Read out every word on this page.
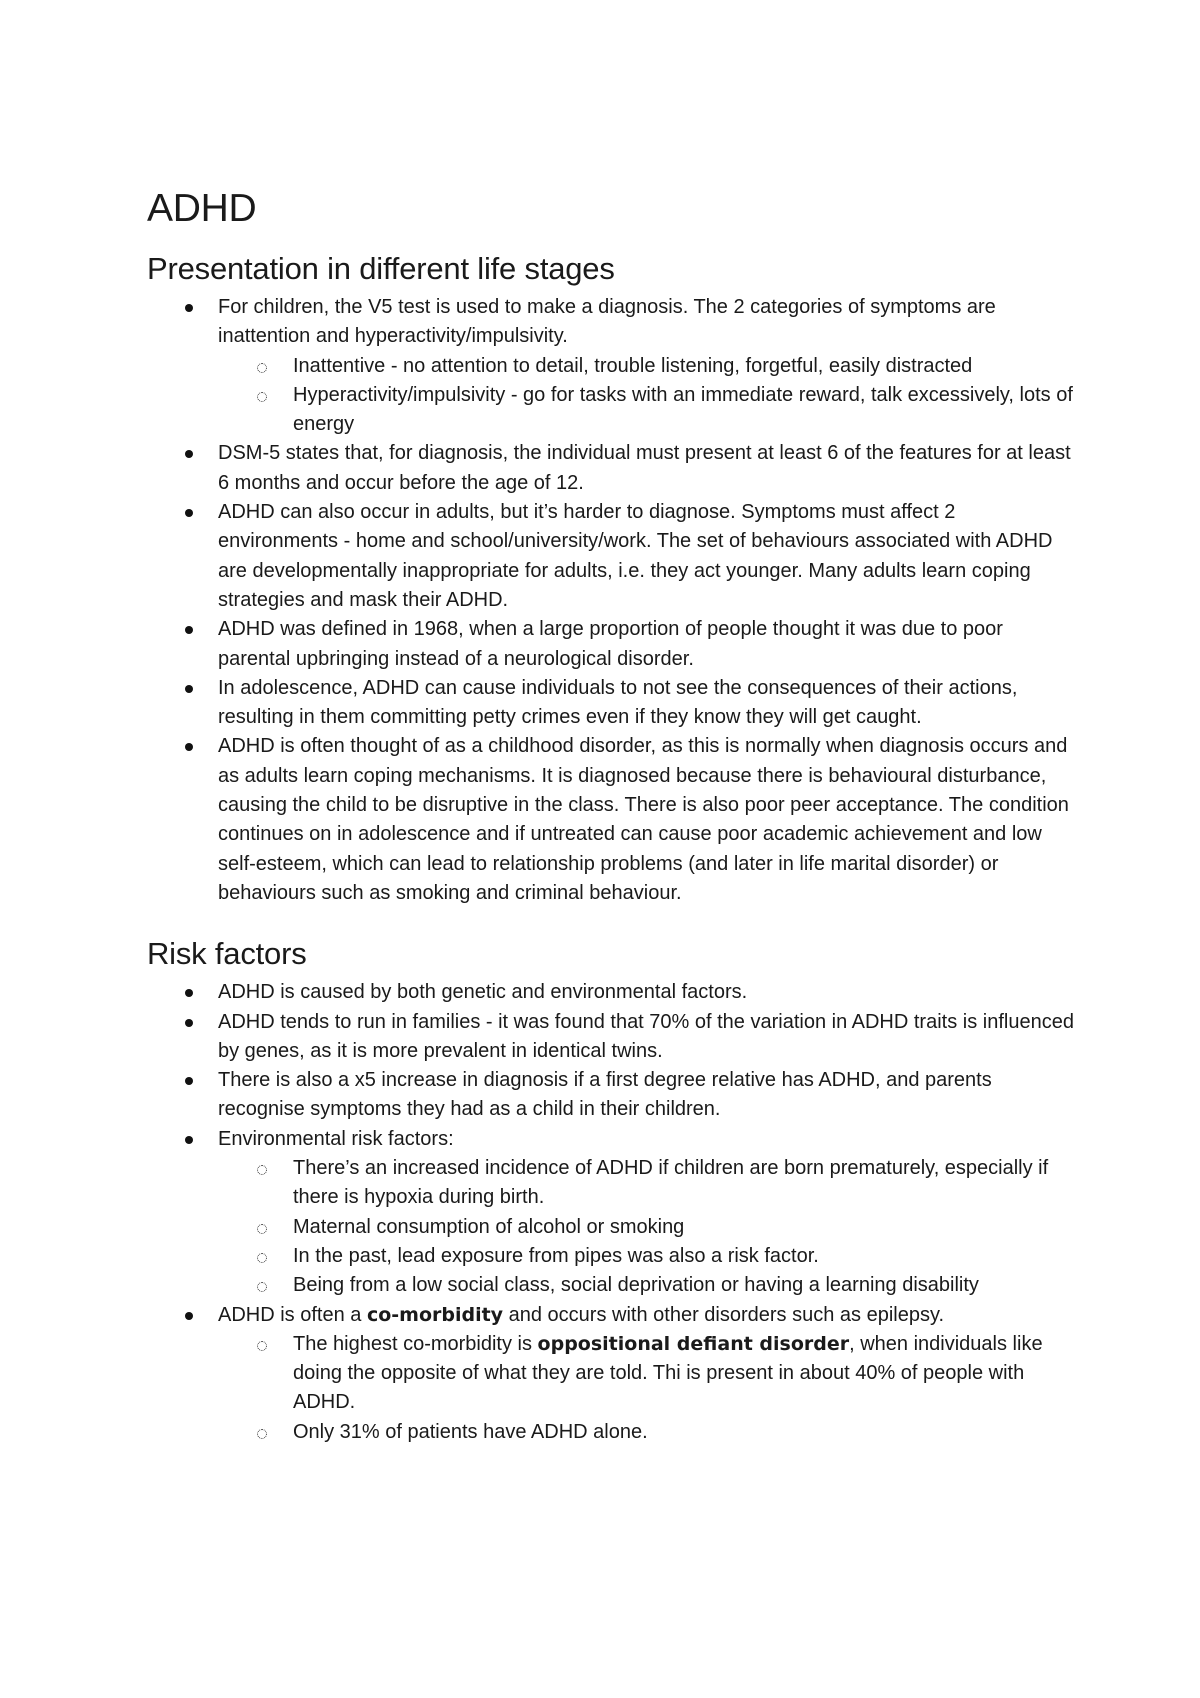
ADHD
Presentation in different life stages
For children, the V5 test is used to make a diagnosis. The 2 categories of symptoms are inattention and hyperactivity/impulsivity.
Inattentive - no attention to detail, trouble listening, forgetful, easily distracted
Hyperactivity/impulsivity - go for tasks with an immediate reward, talk excessively, lots of energy
DSM-5 states that, for diagnosis, the individual must present at least 6 of the features for at least 6 months and occur before the age of 12.
ADHD can also occur in adults, but it’s harder to diagnose. Symptoms must affect 2 environments - home and school/university/work. The set of behaviours associated with ADHD are developmentally inappropriate for adults, i.e. they act younger. Many adults learn coping strategies and mask their ADHD.
ADHD was defined in 1968, when a large proportion of people thought it was due to poor parental upbringing instead of a neurological disorder.
In adolescence, ADHD can cause individuals to not see the consequences of their actions, resulting in them committing petty crimes even if they know they will get caught.
ADHD is often thought of as a childhood disorder, as this is normally when diagnosis occurs and as adults learn coping mechanisms. It is diagnosed because there is behavioural disturbance, causing the child to be disruptive in the class. There is also poor peer acceptance. The condition continues on in adolescence and if untreated can cause poor academic achievement and low self-esteem, which can lead to relationship problems (and later in life marital disorder) or behaviours such as smoking and criminal behaviour.
Risk factors
ADHD is caused by both genetic and environmental factors.
ADHD tends to run in families - it was found that 70% of the variation in ADHD traits is influenced by genes, as it is more prevalent in identical twins.
There is also a x5 increase in diagnosis if a first degree relative has ADHD, and parents recognise symptoms they had as a child in their children.
Environmental risk factors:
There’s an increased incidence of ADHD if children are born prematurely, especially if there is hypoxia during birth.
Maternal consumption of alcohol or smoking
In the past, lead exposure from pipes was also a risk factor.
Being from a low social class, social deprivation or having a learning disability
ADHD is often a co-morbidity and occurs with other disorders such as epilepsy.
The highest co-morbidity is oppositional defiant disorder, when individuals like doing the opposite of what they are told. Thi is present in about 40% of people with ADHD.
Only 31% of patients have ADHD alone.
